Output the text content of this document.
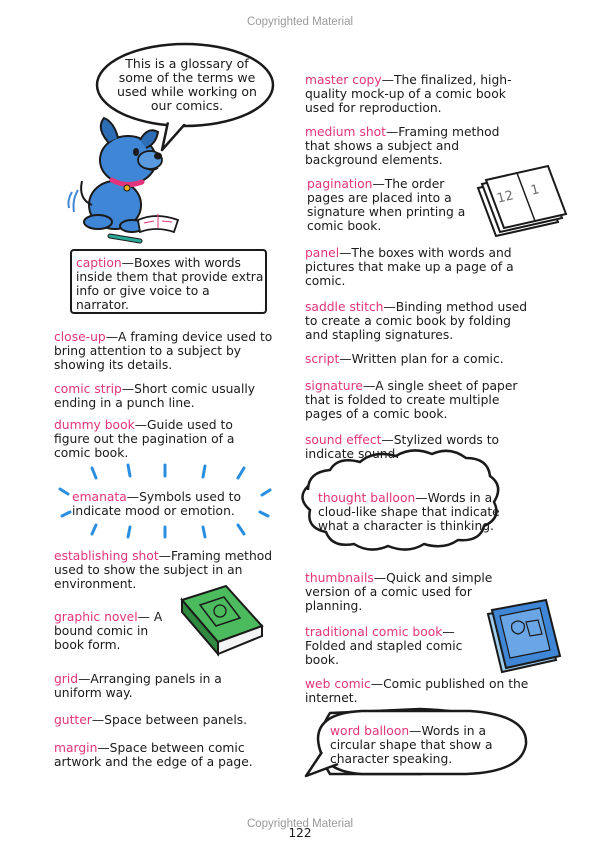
Copyrighted Material
12 1
This is a glossary of some of the terms we used while working on our comics.
caption—Boxes with words inside them that provide extra info or give voice to a narrator.
close-up—A framing device used to bring attention to a subject by showing its details.
comic strip—Short comic usually ending in a punch line.
dummy book—Guide used to figure out the pagination of a comic book.
emanata—Symbols used to indicate mood or emotion.
establishing shot—Framing method used to show the subject in an environment.
graphic novel— A bound comic in book form.
grid—Arranging panels in a uniform way.
gutter—Space between panels.
margin—Space between comic artwork and the edge of a page.
master copy—The finalized, high-quality mock-up of a comic book used for reproduction.
medium shot—Framing method that shows a subject and background elements.
pagination—The order pages are placed into a signature when printing a comic book.
panel—The boxes with words and pictures that make up a page of a comic.
saddle stitch—Binding method used to create a comic book by folding and stapling signatures.
script—Written plan for a comic.
signature—A single sheet of paper that is folded to create multiple pages of a comic book.
sound effect—Stylized words to indicate sound.
thought balloon—Words in a cloud-like shape that indicate what a character is thinking.
thumbnails—Quick and simple version of a comic used for planning.
traditional comic book— Folded and stapled comic book.
web comic—Comic published on the internet.
word balloon—Words in a circular shape that show a character speaking.
Copyrighted Material
122
